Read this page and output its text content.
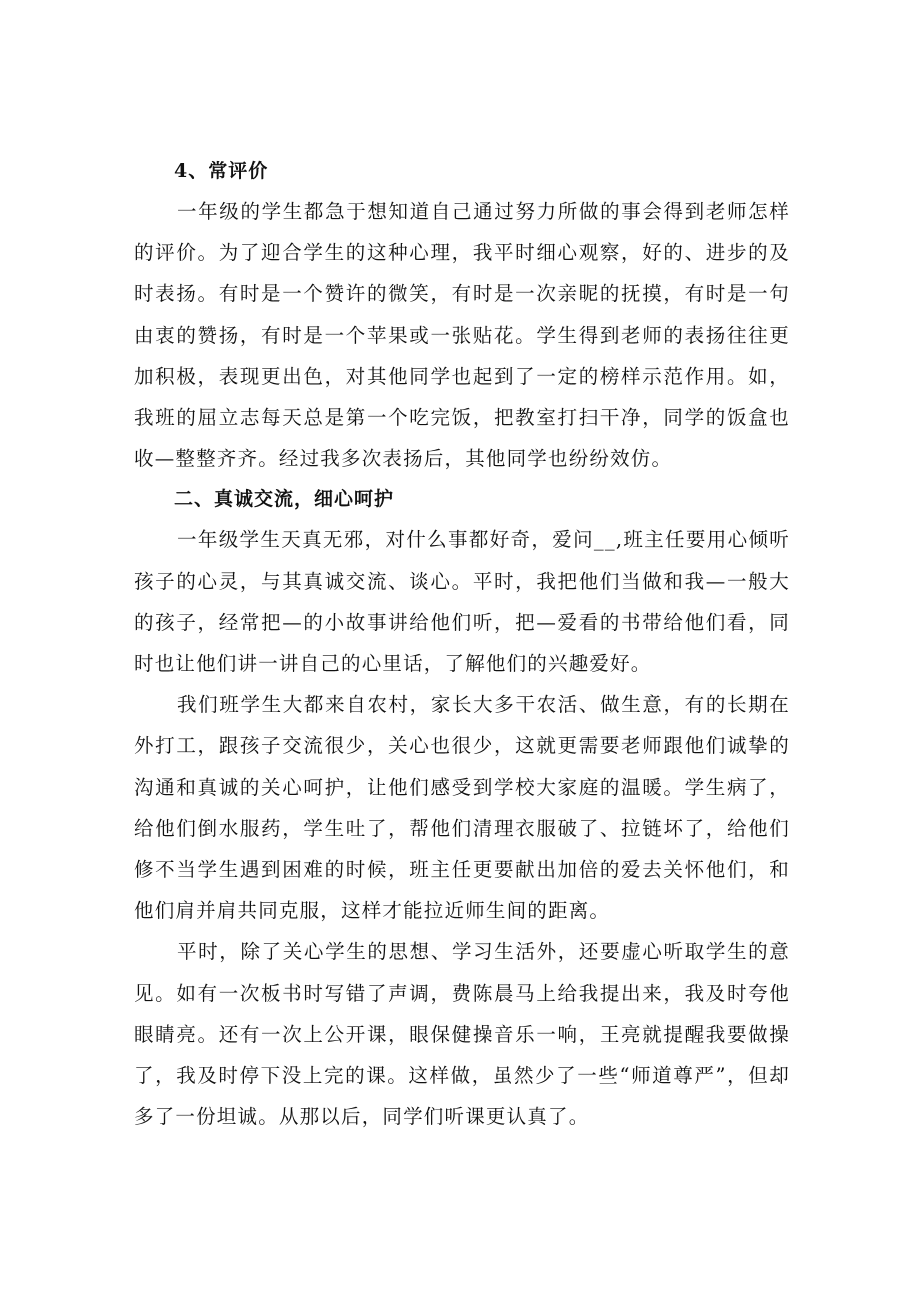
4、常评价

一年级的学生都急于想知道自己通过努力所做的事会得到老师怎样的评价。为了迎合学生的这种心理，我平时细心观察，好的、进步的及时表扬。有时是一个赞许的微笑，有时是一次亲昵的抚摸，有时是一句由衷的赞扬，有时是一个苹果或一张贴花。学生得到老师的表扬往往更加积极，表现更出色，对其他同学也起到了一定的榜样示范作用。如，我班的屈立志每天总是第一个吃完饭，把教室打扫干净，同学的饭盒也收—整整齐齐。经过我多次表扬后，其他同学也纷纷效仿。

二、真诚交流，细心呵护

一年级学生天真无邪，对什么事都好奇，爱问__,班主任要用心倾听孩子的心灵，与其真诚交流、谈心。平时，我把他们当做和我—一般大的孩子，经常把—的小故事讲给他们听，把—爱看的书带给他们看，同时也让他们讲一讲自己的心里话，了解他们的兴趣爱好。

我们班学生大都来自农村，家长大多干农活、做生意，有的长期在外打工，跟孩子交流很少，关心也很少，这就更需要老师跟他们诚挚的沟通和真诚的关心呵护，让他们感受到学校大家庭的温暖。学生病了，给他们倒水服药，学生吐了，帮他们清理衣服破了、拉链坏了，给他们修不当学生遇到困难的时候，班主任更要献出加倍的爱去关怀他们，和他们肩并肩共同克服，这样才能拉近师生间的距离。

平时，除了关心学生的思想、学习生活外，还要虚心听取学生的意见。如有一次板书时写错了声调，费陈晨马上给我提出来，我及时夸他眼睛亮。还有一次上公开课，眼保健操音乐一响，王亮就提醒我要做操了，我及时停下没上完的课。这样做，虽然少了一些“师道尊严”，但却多了一份坦诚。从那以后，同学们听课更认真了。
